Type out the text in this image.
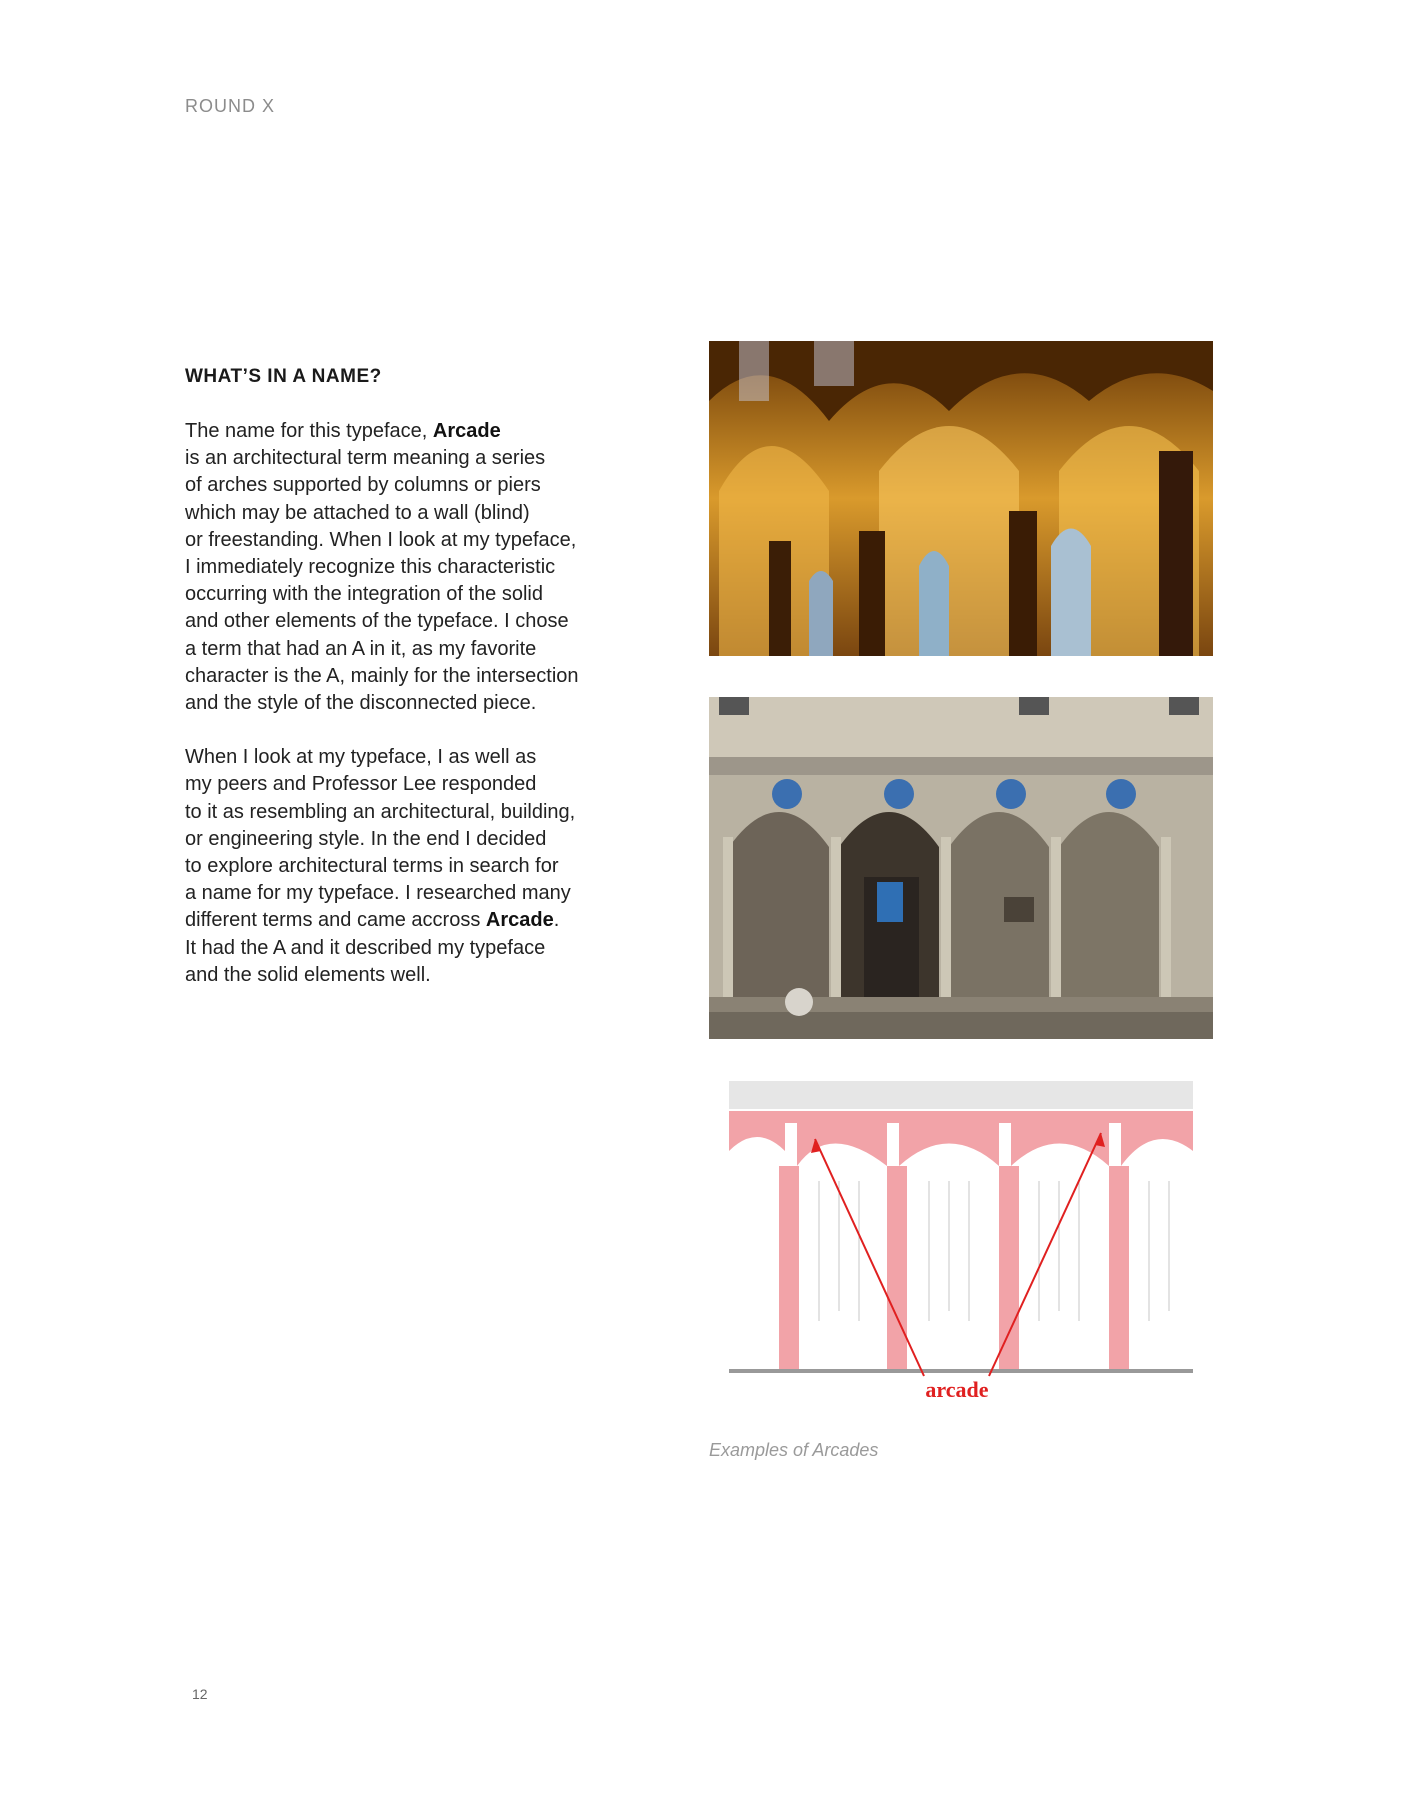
ROUND X
WHAT’S IN A NAME?

The name for this typeface, Arcade

is an architectural term meaning a series

of arches supported by columns or piers

which may be attached to a wall (blind)

or freestanding. When I look at my typeface,

I immediately recognize this characteristic

occurring with the integration of the solid

and other elements of the typeface. I chose

a term that had an A in it, as my favorite

character is the A, mainly for the intersection

and the style of the disconnected piece.

When I look at my typeface, I as well as

my peers and Professor Lee responded

to it as resembling an architectural, building,

or engineering style. In the end I decided

to explore architectural terms in search for

a name for my typeface. I researched many

different terms and came accross Arcade.

It had the A and it described my typeface

and the solid elements well.

arcade
Examples of Arcades
12
